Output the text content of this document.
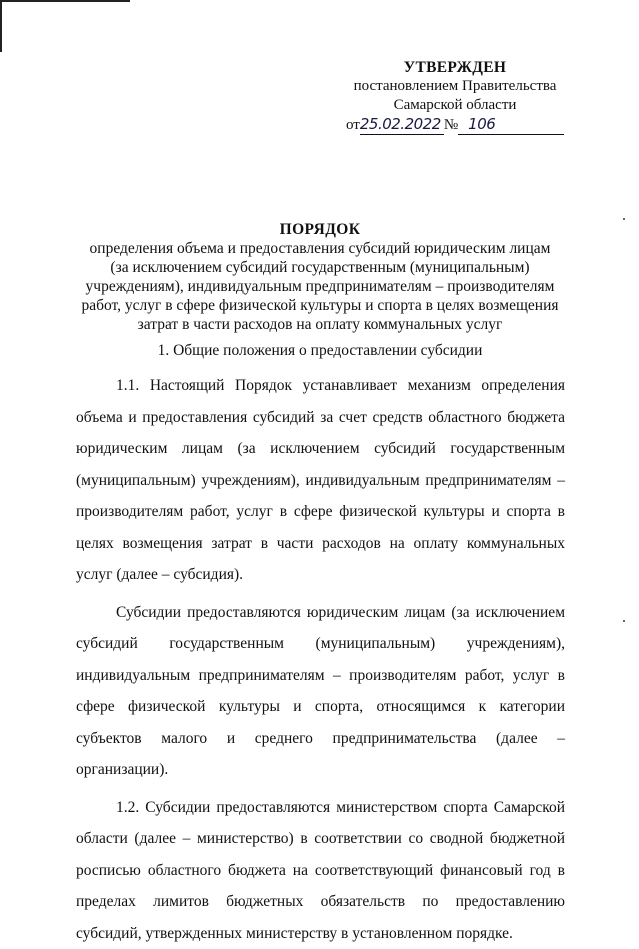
УТВЕРЖДЕН
постановлением Правительства
Самарской области
от25.02.2022 № 106
ПОРЯДОК
определения объема и предоставления субсидий юридическим лицам
(за исключением субсидий государственным (муниципальным)
учреждениям), индивидуальным предпринимателям – производителям
работ, услуг в сфере физической культуры и спорта в целях возмещения
затрат в части расходов на оплату коммунальных услуг
1. Общие положения о предоставлении субсидии

1.1. Настоящий Порядок устанавливает механизм определения объема и предоставления субсидий за счет средств областного бюджета юридическим лицам (за исключением субсидий государственным (муниципальным) учреждениям), индивидуальным предпринимателям – производителям работ, услуг в сфере физической культуры и спорта в целях возмещения затрат в части расходов на оплату коммунальных услуг (далее – субсидия).

Субсидии предоставляются юридическим лицам (за исключением субсидий государственным (муниципальным) учреждениям), индивидуальным предпринимателям – производителям работ, услуг в сфере физической культуры и спорта, относящимся к категории субъектов малого и среднего предпринимательства (далее – организации).

1.2. Субсидии предоставляются министерством спорта Самарской области (далее – министерство) в соответствии со сводной бюджетной росписью областного бюджета на соответствующий финансовый год в пределах лимитов бюджетных обязательств по предоставлению субсидий, утвержденных министерству в установленном порядке.
